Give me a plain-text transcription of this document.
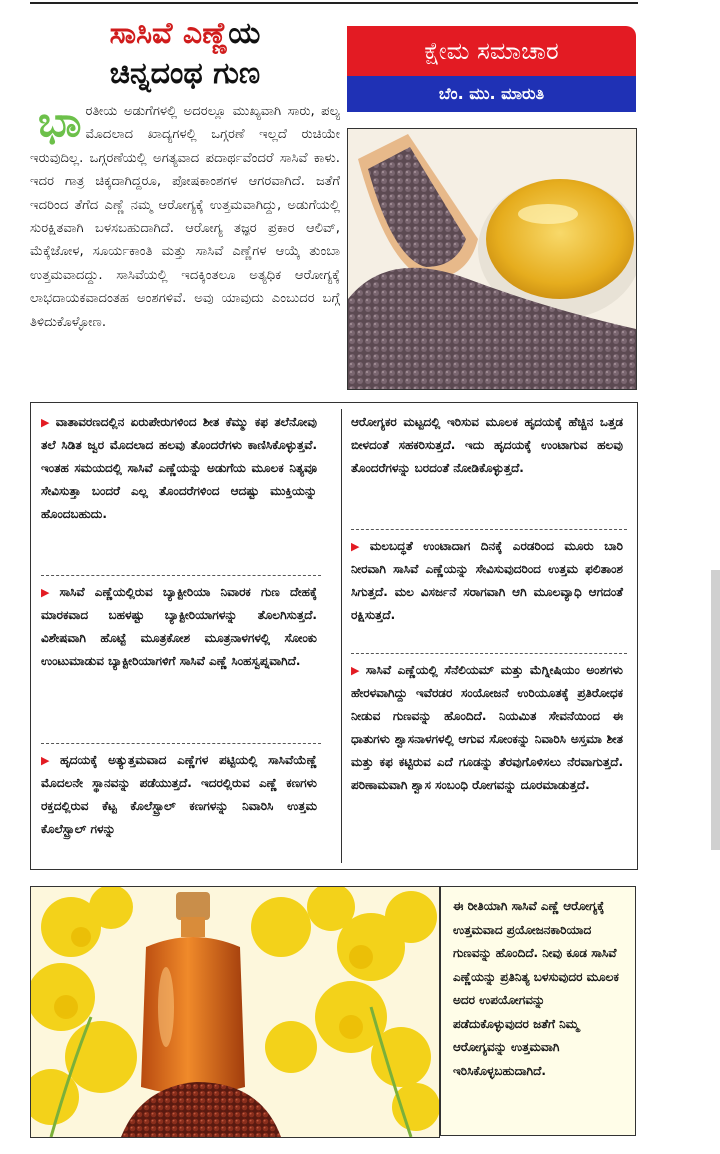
ಸಾಸಿವೆ ಎಣ್ಣೆಯ
ಚಿನ್ನದಂಥ ಗುಣ
ಕ್ಷೇಮ ಸಮಾಚಾರ
ಬೆಂ. ಮು. ಮಾರುತಿ
ಭಾರತೀಯ ಅಡುಗೆಗಳಲ್ಲಿ ಅದರಲ್ಲೂ ಮುಖ್ಯವಾಗಿ ಸಾರು, ಪಲ್ಯ ಮೊದಲಾದ ಖಾದ್ಯಗಳಲ್ಲಿ ಒಗ್ಗರಣೆ ಇಲ್ಲದೆ ರುಚಿಯೇ ಇರುವುದಿಲ್ಲ. ಒಗ್ಗರಣೆಯಲ್ಲಿ ಅಗತ್ಯವಾದ ಪದಾರ್ಥವೆಂದರೆ ಸಾಸಿವೆ ಕಾಳು. ಇದರ ಗಾತ್ರ ಚಿಕ್ಕದಾಗಿದ್ದರೂ, ಪೋಷಕಾಂಶಗಳ ಆಗರವಾಗಿದೆ. ಜತೆಗೆ ಇದರಿಂದ ತೆಗೆದ ಎಣ್ಣೆ ನಮ್ಮ ಆರೋಗ್ಯಕ್ಕೆ ಉತ್ತಮವಾಗಿದ್ದು, ಅಡುಗೆಯಲ್ಲಿ ಸುರಕ್ಷಿತವಾಗಿ ಬಳಸಬಹುದಾಗಿದೆ. ಆರೋಗ್ಯ ತಜ್ಞರ ಪ್ರಕಾರ ಆಲಿವ್, ಮೆಕ್ಕೆಜೋಳ, ಸೂರ್ಯಕಾಂತಿ ಮತ್ತು ಸಾಸಿವೆ ಎಣ್ಣೆಗಳ ಆಯ್ಕೆ ತುಂಬಾ ಉತ್ತಮವಾದದ್ದು. ಸಾಸಿವೆಯಲ್ಲಿ ಇದಕ್ಕಿಂತಲೂ ಅತ್ಯಧಿಕ ಆರೋಗ್ಯಕ್ಕೆ ಲಾಭದಾಯಕವಾದಂತಹ ಅಂಶಗಳಿವೆ. ಅವು ಯಾವುದು ಎಂಬುದರ ಬಗ್ಗೆ ತಿಳಿದುಕೊಳ್ಳೋಣ.
▶ ವಾತಾವರಣದಲ್ಲಿನ ಏರುಪೇರುಗಳಿಂದ ಶೀತ ಕೆಮ್ಮು ಕಫ ತಲೆನೋವು ತಲೆ ಸಿಡಿತ ಜ್ವರ ಮೊದಲಾದ ಹಲವು ತೊಂದರೆಗಳು ಕಾಣಿಸಿಕೊಳ್ಳುತ್ತವೆ. ಇಂತಹ ಸಮಯದಲ್ಲಿ ಸಾಸಿವೆ ಎಣ್ಣೆಯನ್ನು ಅಡುಗೆಯ ಮೂಲಕ ನಿತ್ಯವೂ ಸೇವಿಸುತ್ತಾ ಬಂದರೆ ಎಲ್ಲ ತೊಂದರೆಗಳಿಂದ ಆದಷ್ಟು ಮುಕ್ತಿಯನ್ನು ಹೊಂದಬಹುದು.
▶ ಸಾಸಿವೆ ಎಣ್ಣೆಯಲ್ಲಿರುವ ಬ್ಯಾಕ್ಟೀರಿಯಾ ನಿವಾರಕ ಗುಣ ದೇಹಕ್ಕೆ ಮಾರಕವಾದ ಬಹಳಷ್ಟು ಬ್ಯಾಕ್ಟೀರಿಯಾಗಳನ್ನು ತೊಲಗಿಸುತ್ತದೆ. ವಿಶೇಷವಾಗಿ ಹೊಟ್ಟೆ ಮೂತ್ರಕೋಶ ಮೂತ್ರನಾಳಗಳಲ್ಲಿ ಸೋಂಕು ಉಂಟುಮಾಡುವ ಬ್ಯಾಕ್ಟೀರಿಯಾಗಳಿಗೆ ಸಾಸಿವೆ ಎಣ್ಣೆ ಸಿಂಹಸ್ವಪ್ನವಾಗಿದೆ.
▶ ಹೃದಯಕ್ಕೆ ಅತ್ಯುತ್ತಮವಾದ ಎಣ್ಣೆಗಳ ಪಟ್ಟಿಯಲ್ಲಿ ಸಾಸಿವೆಯೆಣ್ಣೆ ಮೊದಲನೇ ಸ್ಥಾನವನ್ನು ಪಡೆಯುತ್ತದೆ. ಇದರಲ್ಲಿರುವ ಎಣ್ಣೆ ಕಣಗಳು ರಕ್ತದಲ್ಲಿರುವ ಕೆಟ್ಟ ಕೊಲೆಸ್ಟ್ರಾಲ್ ಕಣಗಳನ್ನು ನಿವಾರಿಸಿ ಉತ್ತಮ ಕೊಲೆಸ್ಟ್ರಾಲ್ ಗಳನ್ನು
ಆರೋಗ್ಯಕರ ಮಟ್ಟದಲ್ಲಿ ಇರಿಸುವ ಮೂಲಕ ಹೃದಯಕ್ಕೆ ಹೆಚ್ಚಿನ ಒತ್ತಡ ಬೀಳದಂತೆ ಸಹಕರಿಸುತ್ತದೆ. ಇದು ಹೃದಯಕ್ಕೆ ಉಂಟಾಗುವ ಹಲವು ತೊಂದರೆಗಳನ್ನು ಬರದಂತೆ ನೋಡಿಕೊಳ್ಳುತ್ತದೆ.
▶ ಮಲಬದ್ಧತೆ ಉಂಟಾದಾಗ ದಿನಕ್ಕೆ ಎರಡರಿಂದ ಮೂರು ಬಾರಿ ನೀರವಾಗಿ ಸಾಸಿವೆ ಎಣ್ಣೆಯನ್ನು ಸೇವಿಸುವುದರಿಂದ ಉತ್ತಮ ಫಲಿತಾಂಶ ಸಿಗುತ್ತದೆ. ಮಲ ವಿಸರ್ಜನೆ ಸರಾಗವಾಗಿ ಆಗಿ ಮೂಲವ್ಯಾಧಿ ಆಗದಂತೆ ರಕ್ಷಿಸುತ್ತದೆ.
▶ ಸಾಸಿವೆ ಎಣ್ಣೆಯಲ್ಲಿ ಸೆನೆಲಿಯಮ್ ಮತ್ತು ಮೆಗ್ನೀಷಿಯಂ ಅಂಶಗಳು ಹೇರಳವಾಗಿದ್ದು ಇವೆರಡರ ಸಂಯೋಜನೆ ಉರಿಯೂತಕ್ಕೆ ಪ್ರತಿರೋಧಕ ನೀಡುವ ಗುಣವನ್ನು ಹೊಂದಿದೆ. ನಿಯಮಿತ ಸೇವನೆಯಿಂದ ಈ ಧಾತುಗಳು ಶ್ವಾಸನಾಳಗಳಲ್ಲಿ ಆಗುವ ಸೋಂಕನ್ನು ನಿವಾರಿಸಿ ಅಸ್ತಮಾ ಶೀತ ಮತ್ತು ಕಫ ಕಟ್ಟಿರುವ ಎದೆ ಗೂಡನ್ನು ತೆರವುಗೊಳಿಸಲು ನೆರವಾಗುತ್ತದೆ. ಪರಿಣಾಮವಾಗಿ ಶ್ವಾಸ ಸಂಬಂಧಿ ರೋಗವನ್ನು ದೂರಮಾಡುತ್ತದೆ.

ಈ ರೀತಿಯಾಗಿ ಸಾಸಿವೆ ಎಣ್ಣೆ ಆರೋಗ್ಯಕ್ಕೆ ಉತ್ತಮವಾದ ಪ್ರಯೋಜನಕಾರಿಯಾದ ಗುಣವನ್ನು ಹೊಂದಿದೆ. ನೀವು ಕೂಡ ಸಾಸಿವೆ ಎಣ್ಣೆಯನ್ನು ಪ್ರತಿನಿತ್ಯ ಬಳಸುವುದರ ಮೂಲಕ ಅದರ ಉಪಯೋಗವನ್ನು ಪಡೆದುಕೊಳ್ಳುವುದರ ಜತೆಗೆ ನಿಮ್ಮ ಆರೋಗ್ಯವನ್ನು ಉತ್ತಮವಾಗಿ ಇರಿಸಿಕೊಳ್ಳಬಹುದಾಗಿದೆ.
